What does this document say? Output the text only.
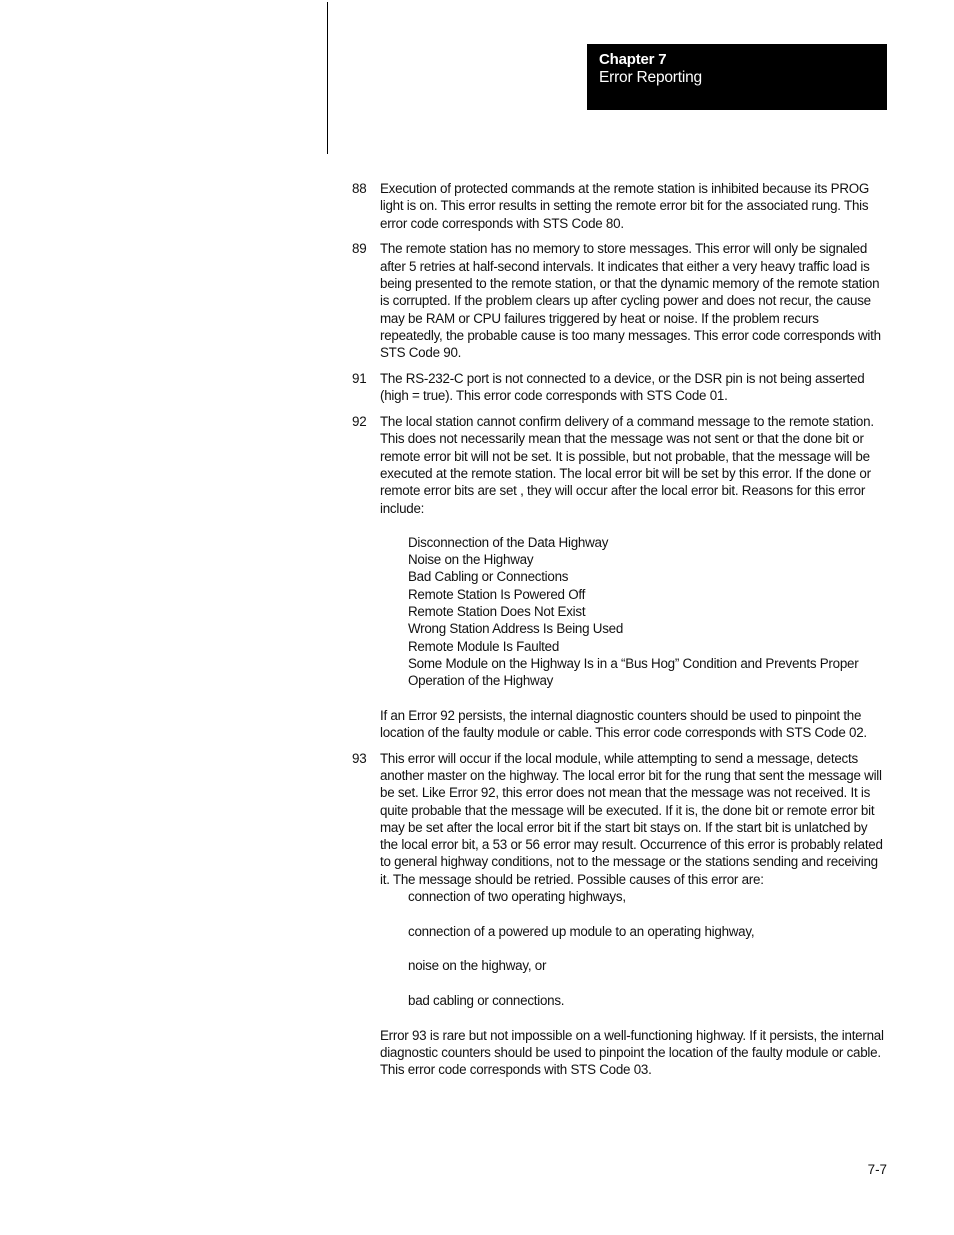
Chapter 7
Error Reporting
88	Execution of protected commands at the remote station is inhibited because its PROG light is on. This error results in setting the remote error bit for the associated rung. This error code corresponds with STS Code 80.

89	The remote station has no memory to store messages. This error will only be signaled after 5 retries at half-second intervals. It indicates that either a very heavy traffic load is being presented to the remote station, or that the dynamic memory of the remote station is corrupted. If the problem clears up after cycling power and does not recur, the cause may be RAM or CPU failures triggered by heat or noise. If the problem recurs repeatedly, the probable cause is too many messages. This error code corresponds with STS Code 90.

91	The RS-232-C port is not connected to a device, or the DSR pin is not being asserted (high = true). This error code corresponds with STS Code 01.

92	The local station cannot confirm delivery of a command message to the remote station. This does not necessarily mean that the message was not sent or that the done bit or remote error bit will not be set. It is possible, but not probable, that the message will be executed at the remote station. The local error bit will be set by this error. If the done or remote error bits are set , they will occur after the local error bit. Reasons for this error include:

Disconnection of the Data Highway
Noise on the Highway
Bad Cabling or Connections
Remote Station Is Powered Off
Remote Station Does Not Exist
Wrong Station Address Is Being Used
Remote Module Is Faulted
Some Module on the Highway Is in a “Bus Hog” Condition and Prevents Proper Operation of the Highway

If an Error 92 persists, the internal diagnostic counters should be used to pinpoint the location of the faulty module or cable. This error code corresponds with STS Code 02.

93	This error will occur if the local module, while attempting to send a message, detects another master on the highway. The local error bit for the rung that sent the message will be set. Like Error 92, this error does not mean that the message was not received. It is quite probable that the message will be executed. If it is, the done bit or remote error bit may be set after the local error bit if the start bit stays on. If the start bit is unlatched by the local error bit, a 53 or 56 error may result. Occurrence of this error is probably related to general highway conditions, not to the message or the stations sending and receiving it. The message should be retried. Possible causes of this error are:

connection of two operating highways,
connection of a powered up module to an operating highway,
noise on the highway, or
bad cabling or connections.

Error 93 is rare but not impossible on a well-functioning highway. If it persists, the internal diagnostic counters should be used to pinpoint the location of the faulty module or cable. This error code corresponds with STS Code 03.

7-7
